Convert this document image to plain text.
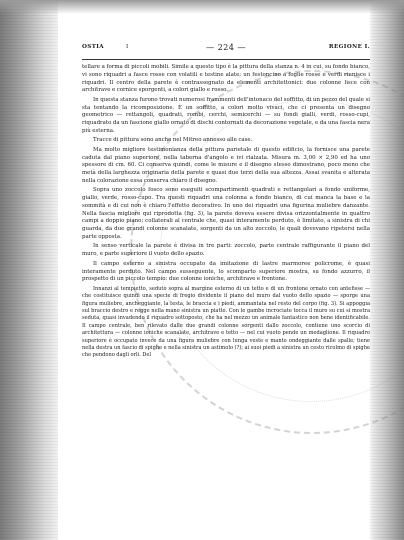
OSTIA	I	— 224 —	REGIONE I.

tellare a forma di piccoli mobili. Simile a questo tipo è la pittura della stanza n. 4 in cui, su fondo bianco, vi sono riquadri a fasce rosse con volatili e testine alate; un festoncino a foglie rosse e verdi riunisce i riquadri. Il centro della parete è contrassegnato da elementi architettonici: due colonne lisce con architrave e cornice sporgenti, a colori giallo e rosso.

In questa stanza furono trovati numerosi frammenti dell'intonaco del soffitto, di un pezzo del quale si sta tentando la ricomposizione. È un soffitto, a colori molto vivaci, che ci presenta un disegno geometrico — rettangoli, quadrati, rombi, cerchi, semicerchi — su fondi gialli, verdi, rosso-cupi, riquadrato da un fascione giallo ornato di dischi contornati da decorazione vegetale, e da una fascia nera più esterna.

Tracce di pittura sono anche nel Mitreo annesso alle case.

Ma molto migliore testimonianza della pittura parietale di questo edificio, la fornisce una parete caduta dal piano superiore, nella taberna d'angolo e ivi rialzata. Misura m. 3,00 × 2,90 ed ha uno spessore di cm. 60. Ci conserva quindi, come le misure e il disegno stesso dimostrano, poco meno che metà della larghezza originaria della parete e quasi due terzi della sua altezza. Assai svanita e alterata nella colorazione essa conserva chiaro il disegno.

Sopra uno zoccolo fosco sono eseguiti scompartimenti quadrati e rettangolari a fondo uniforme, giallo, verde, rosso-cupo. Tra questi riquadri una colonna a fondo bianco, di cui manca la base e la sommità e di cui non è chiaro l'effetto decorativo. In uno dei riquadri una figurina muliebre danzante. Nella fascia migliore qui riprodotta (fig. 3), la parete doveva essere divisa orizzontalmente in quattro campi a doppio piano; collaterali al centrale che, quasi interamente perduto, è limitato, a sinistra di chi guarda, da due grandi colonne scanalate, sorgenti da un alto zoccolo, le quali dovevano ripetersi nella parte opposta.

In senso verticale la parete è divisa in tre parti: zoccolo, parte centrale raffigurante il piano del muro, e parte superiore il vuoto dello spazio.

Il campo esterno a sinistra occupato da imitazione di lastre marmoree policrome, è quasi interamente perduto. Nel campo susseguente, lo scomparto superiore mostra, su fondo azzurro, il prospetto di un piccolo tempio: due colonne ioniche, architrave e frontone.

Innanzi al tempietto, seduto sopra al margine esterno di un tetto e di un frontone ornato con antefisse — che costituisce quindi una specie di fregio dividente il piano del muro dal vuoto dello spazio — sporge una figura muliebre, ancheggiante, la testa, le braccia e i piedi, ammantata nel resto del corpo (fig. 3). Si appoggia sul braccio destro e regge nella mano sinistra un piatto. Con le gambe incrociate tocca il muro su cui si mostra seduta, quasi invadendo il riquadro sottoposto, che ha nel mezzo un animale fantastico non bene identificabile. Il campo centrale, ben rilevato dalle due grandi colonne sorgenti dallo zoccolo, contiene uno scorcio di architettura — colonne ioniche scanalate, architrave e tetto — nel cui vuoto pende un medaglione. Il riquadro superiore è occupato invece da una figura muliebre con lunga veste e manto ondeggiante dalle spalle; tiene nella destra un fascio di spighe e nella sinistra un astimolo (?); ai suoi piedi a sinistra un cesto ricolmo di spighe che pendono dagli orli. Del
